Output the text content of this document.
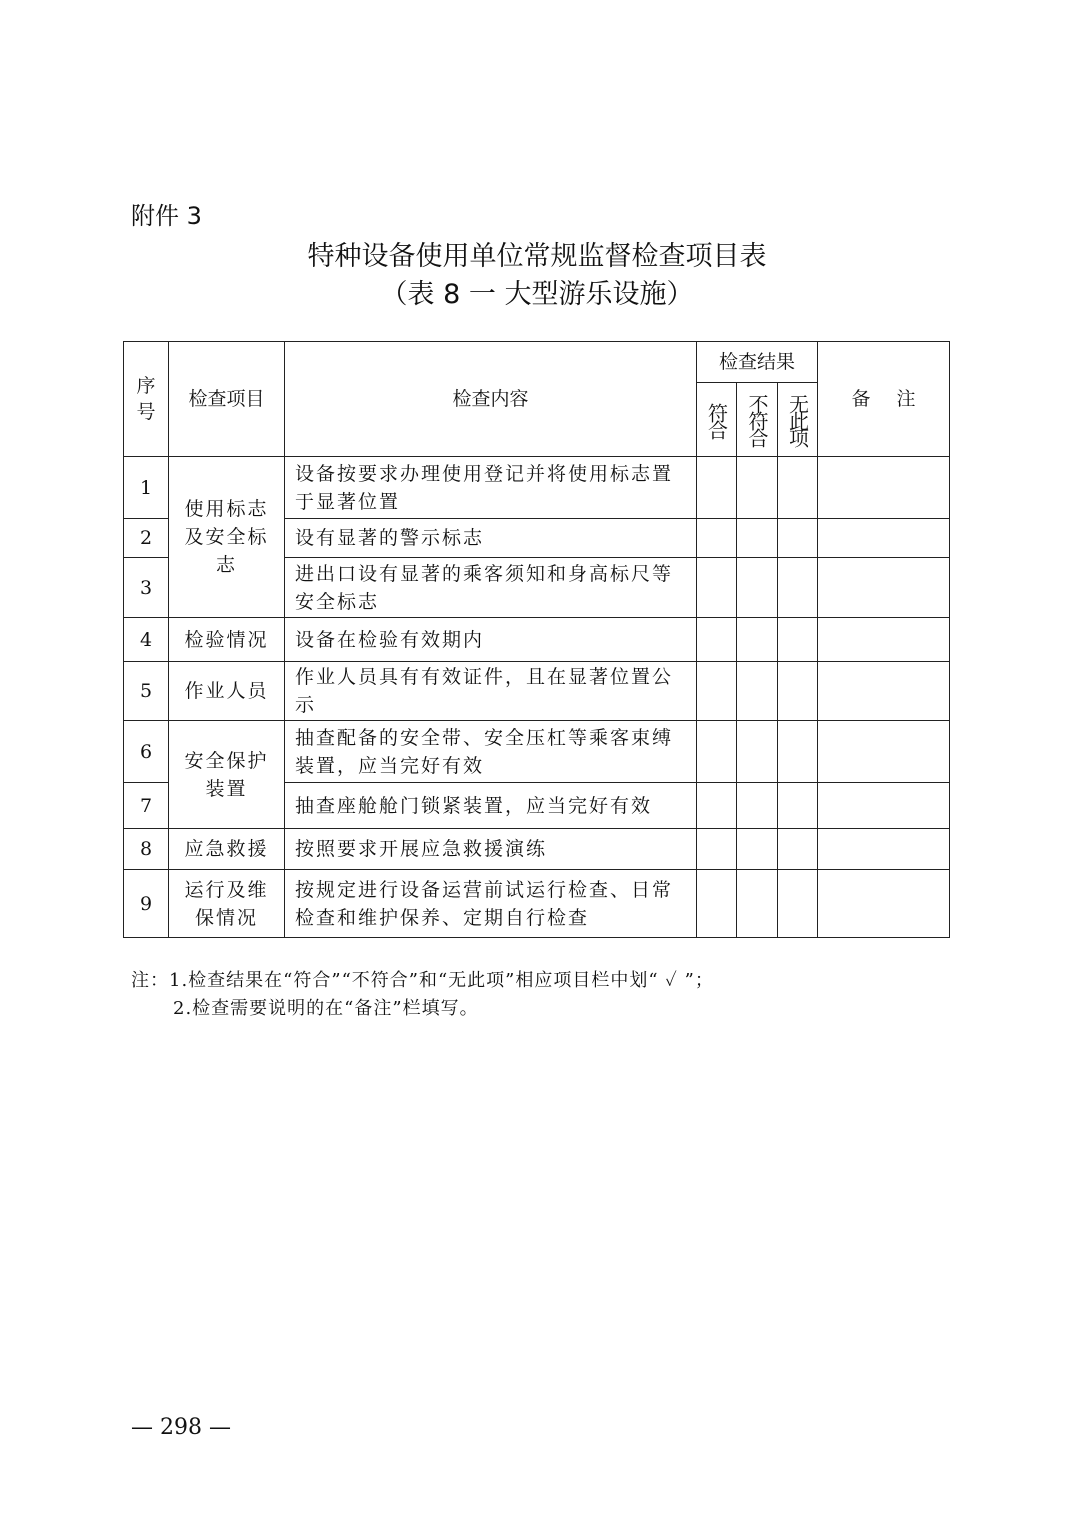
附件 3
特种设备使用单位常规监督检查项目表
（表 8 一 大型游乐设施）
序号	检查项目	检查内容	检查结果			备 注

			符合	不符合	无此项	

1	使用标志及安全标志	设备按要求办理使用登记并将使用标志置于显著位置				
2		设有显著的警示标志				
3		进出口设有显著的乘客须知和身高标尺等安全标志				
4	检验情况	设备在检验有效期内				
5	作业人员	作业人员具有有效证件，且在显著位置公示				
6	安全保护装置	抽查配备的安全带、安全压杠等乘客束缚装置，应当完好有效				
7		抽查座舱舱门锁紧装置，应当完好有效				
8	应急救援	按照要求开展应急救援演练				
9	运行及维保情况	按规定进行设备运营前试运行检查、日常检查和维护保养、定期自行检查				
注：1.检查结果在“符合”“不符合”和“无此项”相应项目栏中划“ ✓ ”；
2.检查需要说明的在“备注”栏填写。
— 298 —
